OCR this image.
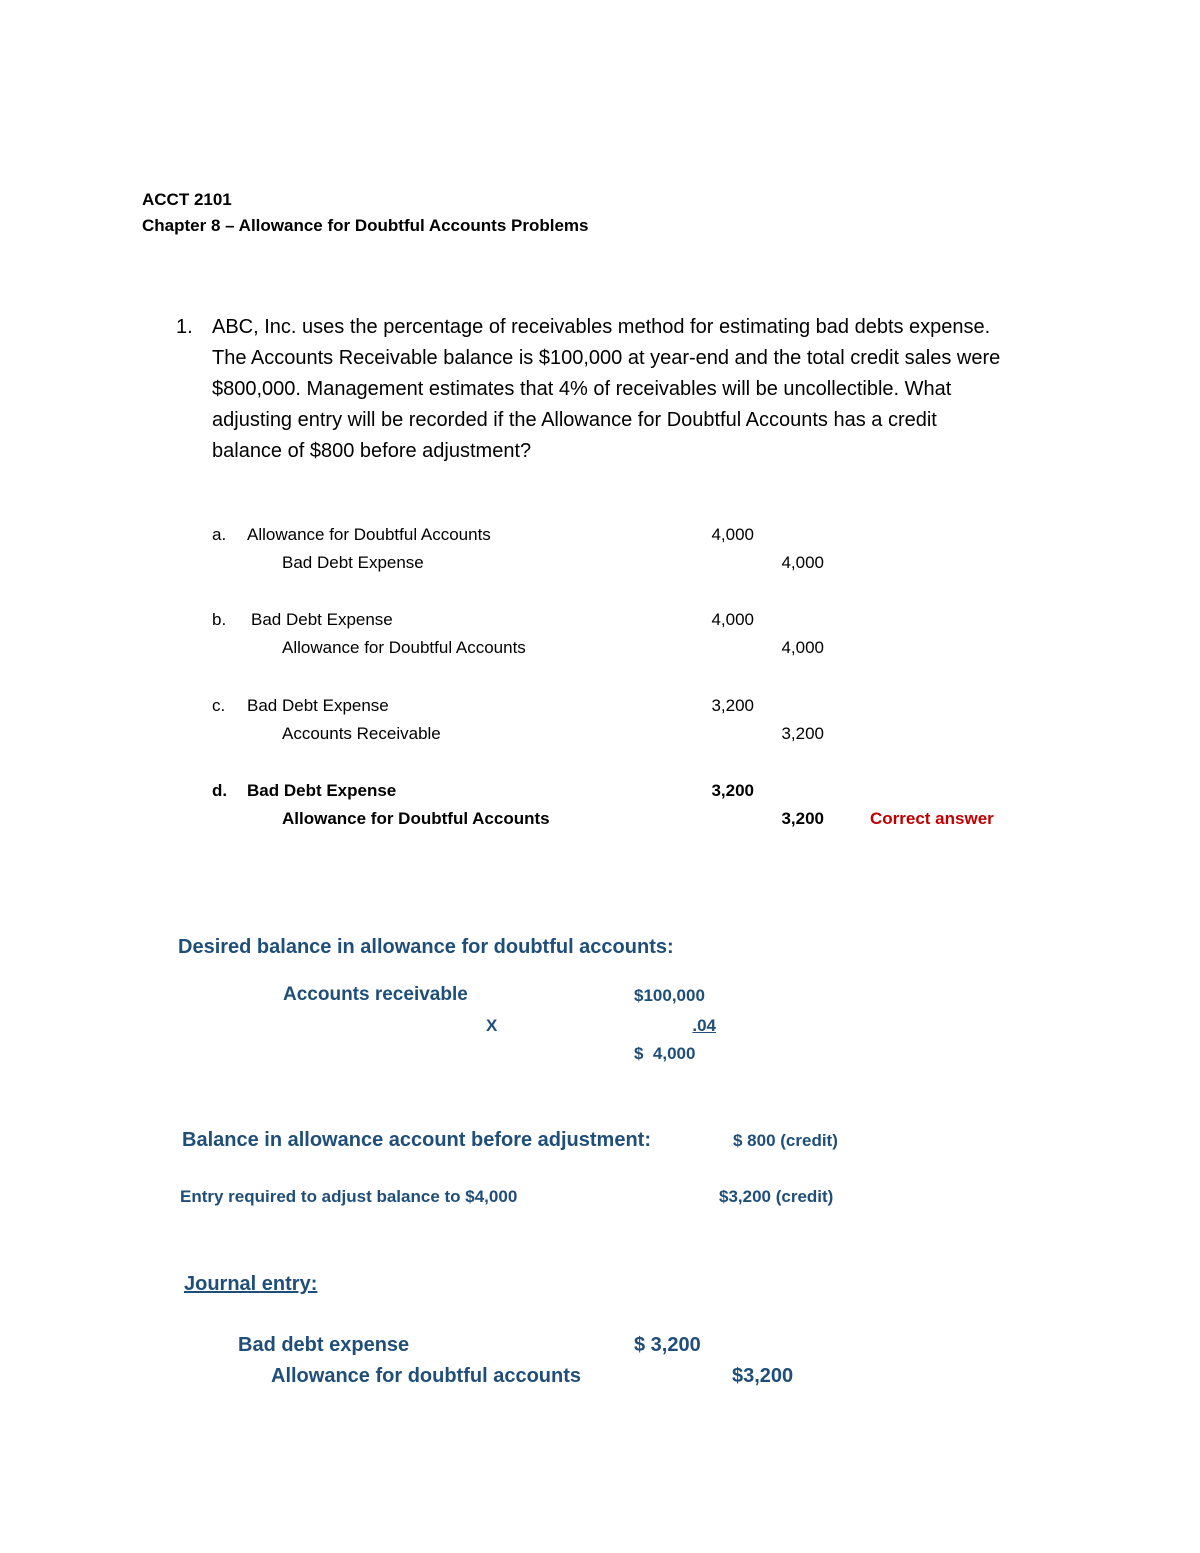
ACCT 2101
Chapter 8 – Allowance for Doubtful Accounts Problems
1. ABC, Inc. uses the percentage of receivables method for estimating bad debts expense.
The Accounts Receivable balance is $100,000 at year-end and the total credit sales were
$800,000. Management estimates that 4% of receivables will be uncollectible. What
adjusting entry will be recorded if the Allowance for Doubtful Accounts has a credit
balance of $800 before adjustment?
a. Allowance for Doubtful Accounts	4,000
Bad Debt Expense	4,000
b. Bad Debt Expense	4,000
Allowance for Doubtful Accounts	4,000
c. Bad Debt Expense	3,200
Accounts Receivable	3,200
d. Bad Debt Expense	3,200
Allowance for Doubtful Accounts	3,200	Correct answer
Desired balance in allowance for doubtful accounts:
Accounts receivable	$100,000
X	.04
$  4,000
Balance in allowance account before adjustment:	$ 800 (credit)
Entry required to adjust balance to $4,000	$3,200 (credit)
Journal entry:
Bad debt expense	$ 3,200
Allowance for doubtful accounts	$3,200
